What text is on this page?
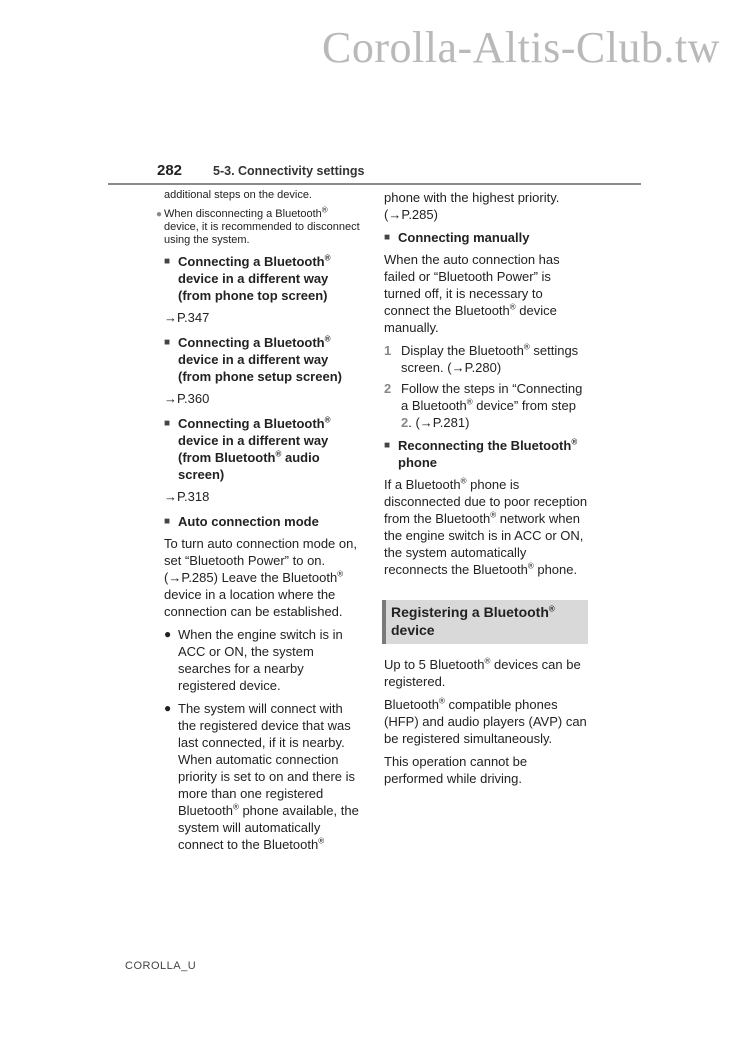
Corolla-Altis-Club.tw
282 5-3. Connectivity settings
additional steps on the device.
● When disconnecting a Bluetooth® device, it is recommended to disconnect using the system.
■ Connecting a Bluetooth® device in a different way (from phone top screen)
→P.347
■ Connecting a Bluetooth® device in a different way (from phone setup screen)
→P.360
■ Connecting a Bluetooth® device in a different way (from Bluetooth® audio screen)
→P.318
■ Auto connection mode
To turn auto connection mode on, set “Bluetooth Power” to on. (→P.285) Leave the Bluetooth® device in a location where the connection can be established.
● When the engine switch is in ACC or ON, the system searches for a nearby registered device.
● The system will connect with the registered device that was last connected, if it is nearby. When automatic connection priority is set to on and there is more than one registered Bluetooth® phone available, the system will automatically connect to the Bluetooth®
phone with the highest priority. (→P.285)
■ Connecting manually
When the auto connection has failed or “Bluetooth Power” is turned off, it is necessary to connect the Bluetooth® device manually.
1 Display the Bluetooth® settings screen. (→P.280)
2 Follow the steps in “Connecting a Bluetooth® device” from step 2. (→P.281)
■ Reconnecting the Bluetooth® phone
If a Bluetooth® phone is disconnected due to poor reception from the Bluetooth® network when the engine switch is in ACC or ON, the system automatically reconnects the Bluetooth® phone.
Registering a Bluetooth® device
Up to 5 Bluetooth® devices can be registered.
Bluetooth® compatible phones (HFP) and audio players (AVP) can be registered simultaneously.
This operation cannot be performed while driving.
COROLLA_U
